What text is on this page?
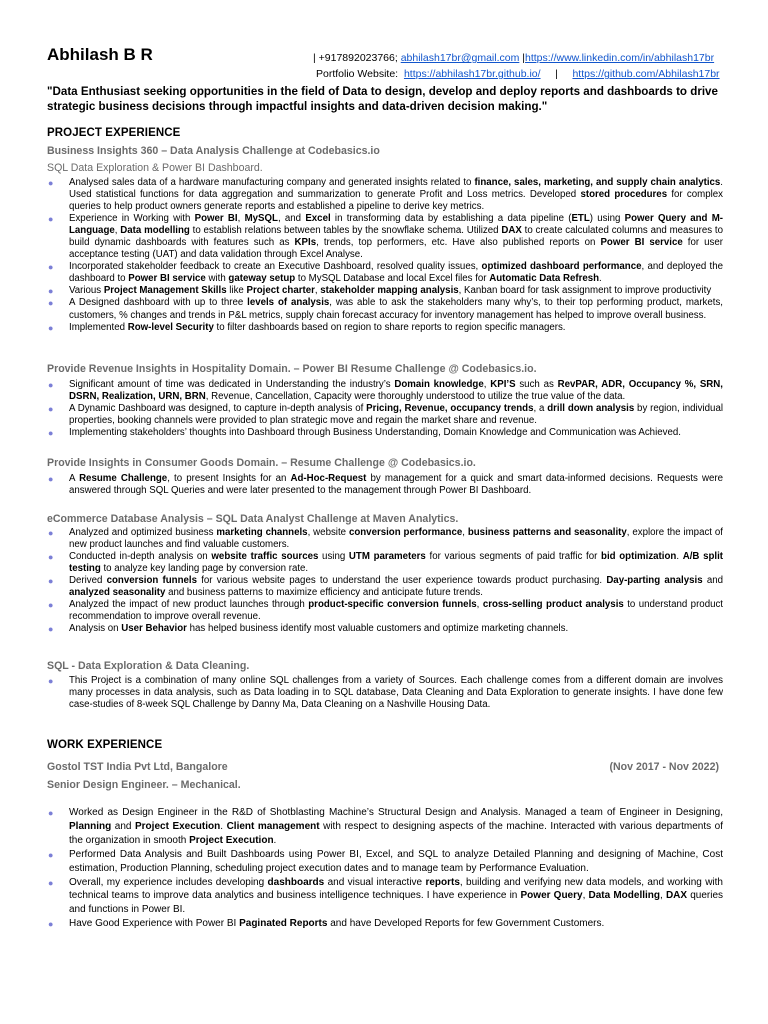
Abhilash B R	| +917892023766; abhilash17br@gmail.com |https://www.linkedin.com/in/abhilash17br
Portfolio Website: https://abhilash17br.github.io/ | https://github.com/Abhilash17br
"Data Enthusiast seeking opportunities in the field of Data to design, develop and deploy reports and dashboards to drive strategic business decisions through impactful insights and data-driven decision making."
PROJECT EXPERIENCE
Business Insights 360 – Data Analysis Challenge at Codebasics.io
SQL Data Exploration & Power BI Dashboard.
● Analysed sales data of a hardware manufacturing company and generated insights related to finance, sales, marketing, and supply chain analytics. Used statistical functions for data aggregation and summarization to generate Profit and Loss metrics. Developed stored procedures for complex queries to help product owners generate reports and established a pipeline to derive key metrics.
● Experience in Working with Power BI, MySQL, and Excel in transforming data by establishing a data pipeline (ETL) using Power Query and M-Language, Data modelling to establish relations between tables by the snowflake schema. Utilized DAX to create calculated columns and measures to build dynamic dashboards with features such as KPIs, trends, top performers, etc. Have also published reports on Power BI service for user acceptance testing (UAT) and data validation through Excel Analyse.
● Incorporated stakeholder feedback to create an Executive Dashboard, resolved quality issues, optimized dashboard performance, and deployed the dashboard to Power BI service with gateway setup to MySQL Database and local Excel files for Automatic Data Refresh.
● Various Project Management Skills like Project charter, stakeholder mapping analysis, Kanban board for task assignment to improve productivity
● A Designed dashboard with up to three levels of analysis, was able to ask the stakeholders many why’s, to their top performing product, markets, customers, % changes and trends in P&L metrics, supply chain forecast accuracy for inventory management has helped to improve overall business.
● Implemented Row-level Security to filter dashboards based on region to share reports to region specific managers.
Provide Revenue Insights in Hospitality Domain. – Power BI Resume Challenge @ Codebasics.io.
● Significant amount of time was dedicated in Understanding the industry’s Domain knowledge, KPI’S such as RevPAR, ADR, Occupancy %, SRN, DSRN, Realization, URN, BRN, Revenue, Cancellation, Capacity were thoroughly understood to utilize the true value of the data.
● A Dynamic Dashboard was designed, to capture in-depth analysis of Pricing, Revenue, occupancy trends, a drill down analysis by region, individual properties, booking channels were provided to plan strategic move and regain the market share and revenue.
● Implementing stakeholders’ thoughts into Dashboard through Business Understanding, Domain Knowledge and Communication was Achieved.
Provide Insights in Consumer Goods Domain. – Resume Challenge @ Codebasics.io.
● A Resume Challenge, to present Insights for an Ad-Hoc-Request by management for a quick and smart data-informed decisions. Requests were answered through SQL Queries and were later presented to the management through Power BI Dashboard.
eCommerce Database Analysis – SQL Data Analyst Challenge at Maven Analytics.
● Analyzed and optimized business marketing channels, website conversion performance, business patterns and seasonality, explore the impact of new product launches and find valuable customers.
● Conducted in-depth analysis on website traffic sources using UTM parameters for various segments of paid traffic for bid optimization. A/B split testing to analyze key landing page by conversion rate.
● Derived conversion funnels for various website pages to understand the user experience towards product purchasing. Day-parting analysis and analyzed seasonality and business patterns to maximize efficiency and anticipate future trends.
● Analyzed the impact of new product launches through product-specific conversion funnels, cross-selling product analysis to understand product recommendation to improve overall revenue.
● Analysis on User Behavior has helped business identify most valuable customers and optimize marketing channels.
SQL - Data Exploration & Data Cleaning.
● This Project is a combination of many online SQL challenges from a variety of Sources. Each challenge comes from a different domain are involves many processes in data analysis, such as Data loading in to SQL database, Data Cleaning and Data Exploration to generate insights. I have done few case-studies of 8-week SQL Challenge by Danny Ma, Data Cleaning on a Nashville Housing Data.
WORK EXPERIENCE
Gostol TST India Pvt Ltd, Bangalore	(Nov 2017 - Nov 2022)
Senior Design Engineer. – Mechanical.
● Worked as Design Engineer in the R&D of Shotblasting Machine’s Structural Design and Analysis. Managed a team of Engineer in Designing, Planning and Project Execution. Client management with respect to designing aspects of the machine. Interacted with various departments of the organization in smooth Project Execution.
● Performed Data Analysis and Built Dashboards using Power BI, Excel, and SQL to analyze Detailed Planning and designing of Machine, Cost estimation, Production Planning, scheduling project execution dates and to manage team by Performance Evaluation.
● Overall, my experience includes developing dashboards and visual interactive reports, building and verifying new data models, and working with technical teams to improve data analytics and business intelligence techniques. I have experience in Power Query, Data Modelling, DAX queries and functions in Power BI.
● Have Good Experience with Power BI Paginated Reports and have Developed Reports for few Government Customers.
